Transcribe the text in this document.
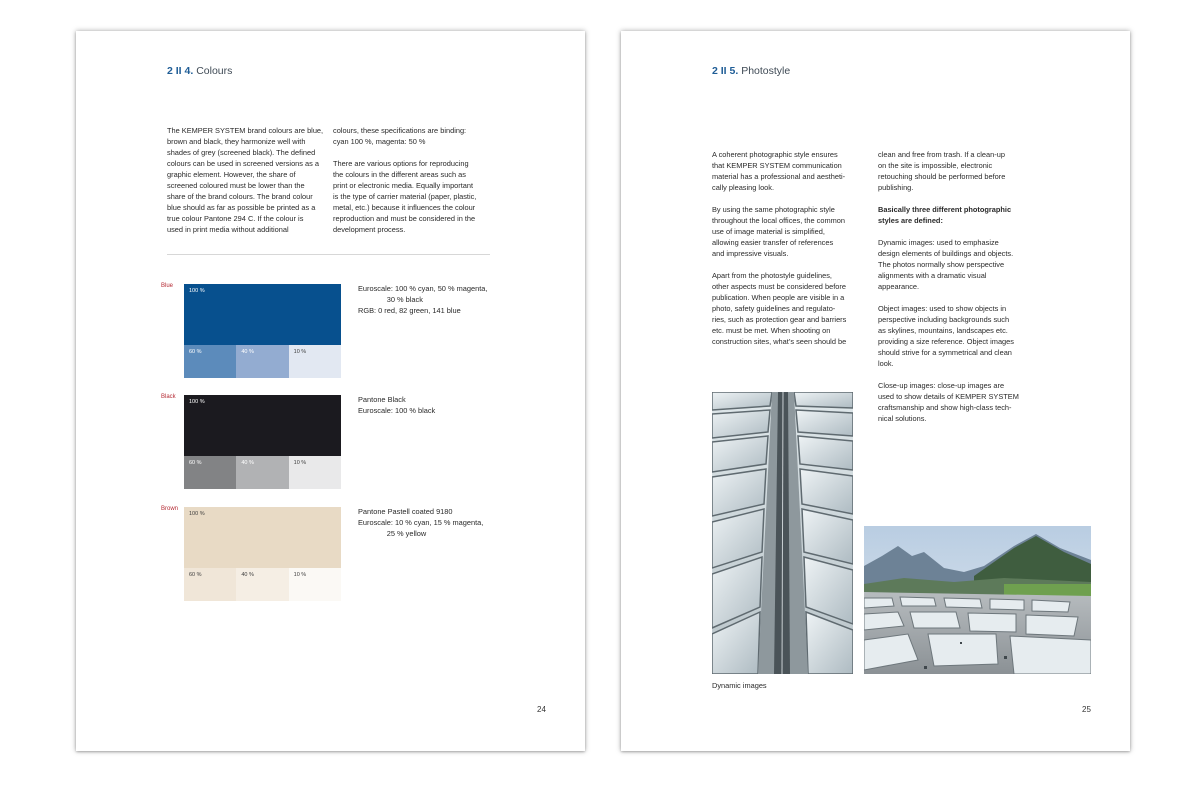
2 II 4. Colours

The KEMPER SYSTEM brand colours are blue,
brown and black, they harmonize well with
shades of grey (screened black). The defined
colours can be used in screened versions as a
graphic element. However, the share of
screened coloured must be lower than the
share of the brand colours. The brand colour
blue should as far as possible be printed as a
true colour Pantone 294 C. If the colour is
used in print media without additional

colours, these specifications are binding:
cyan 100 %, magenta: 50 %

There are various options for reproducing
the colours in the different areas such as
print or electronic media. Equally important
is the type of carrier material (paper, plastic,
metal, etc.) because it influences the colour
reproduction and must be considered in the
development process.

Blue
100 %
60 %	40 %	10 %
Euroscale: 100 % cyan, 50 % magenta,
30 % black
RGB: 0 red, 82 green, 141 blue
Black
100 %
60 %	40 %	10 %
Pantone Black
Euroscale: 100 % black
Brown
100 %
60 %	40 %	10 %
Pantone Pastell coated 9180
Euroscale: 10 % cyan, 15 % magenta,
25 % yellow
24
2 II 5. Photostyle

A coherent photographic style ensures
that KEMPER SYSTEM communication
material has a professional and aestheti-
cally pleasing look.

By using the same photographic style
throughout the local offices, the common
use of image material is simplified,
allowing easier transfer of references
and impressive visuals.

Apart from the photostyle guidelines,
other aspects must be considered before
publication. When people are visible in a
photo, safety guidelines and regulato-
ries, such as protection gear and barriers
etc. must be met. When shooting on
construction sites, what’s seen should be

clean and free from trash. If a clean-up
on the site is impossible, electronic
retouching should be performed before
publishing.

Basically three different photographic
styles are defined:

Dynamic images: used to emphasize
design elements of buildings and objects.
The photos normally show perspective
alignments with a dramatic visual
appearance.

Object images: used to show objects in
perspective including backgrounds such
as skylines, mountains, landscapes etc.
providing a size reference. Object images
should strive for a symmetrical and clean
look.

Close-up images: close-up images are
used to show details of KEMPER SYSTEM
craftsmanship and show high-class tech-
nical solutions.

Dynamic images
25
